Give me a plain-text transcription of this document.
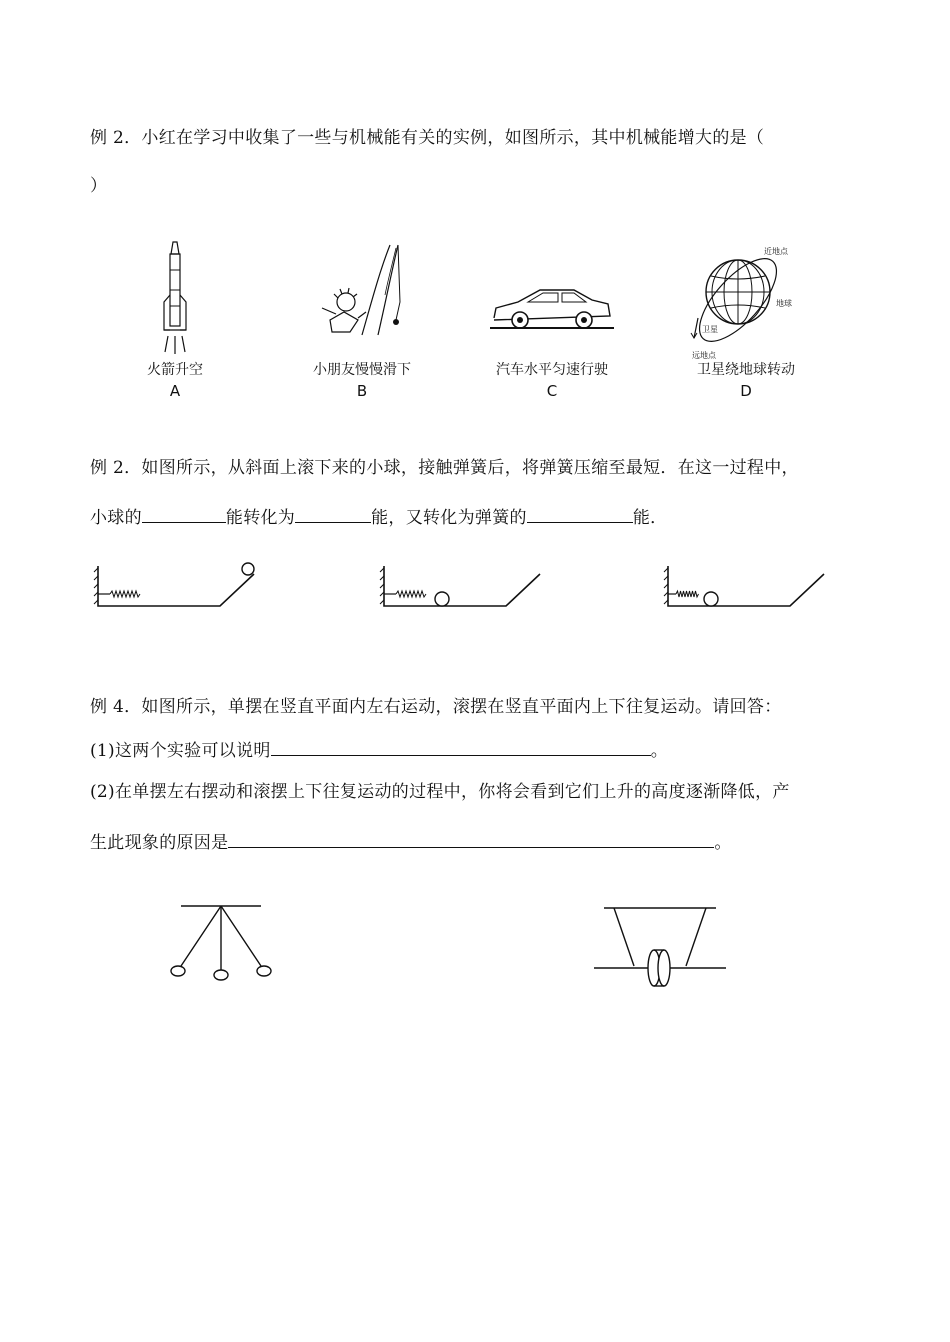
例 2．小红在学习中收集了一些与机械能有关的实例，如图所示，其中机械能增大的是（
）
火箭升空
A
小朋友慢慢滑下
B
汽车水平匀速行驶
C
近地点
地球
卫星
远地点
卫星绕地球转动
D
例 2．如图所示，从斜面上滚下来的小球，接触弹簧后，将弹簧压缩至最短．在这一过程中，
小球的	能转化为	能，又转化为弹簧的	能．
例 4．如图所示，单摆在竖直平面内左右运动，滚摆在竖直平面内上下往复运动。请回答：
(1)这两个实验可以说明	。
(2)在单摆左右摆动和滚摆上下往复运动的过程中，你将会看到它们上升的高度逐渐降低，产
生此现象的原因是	。
